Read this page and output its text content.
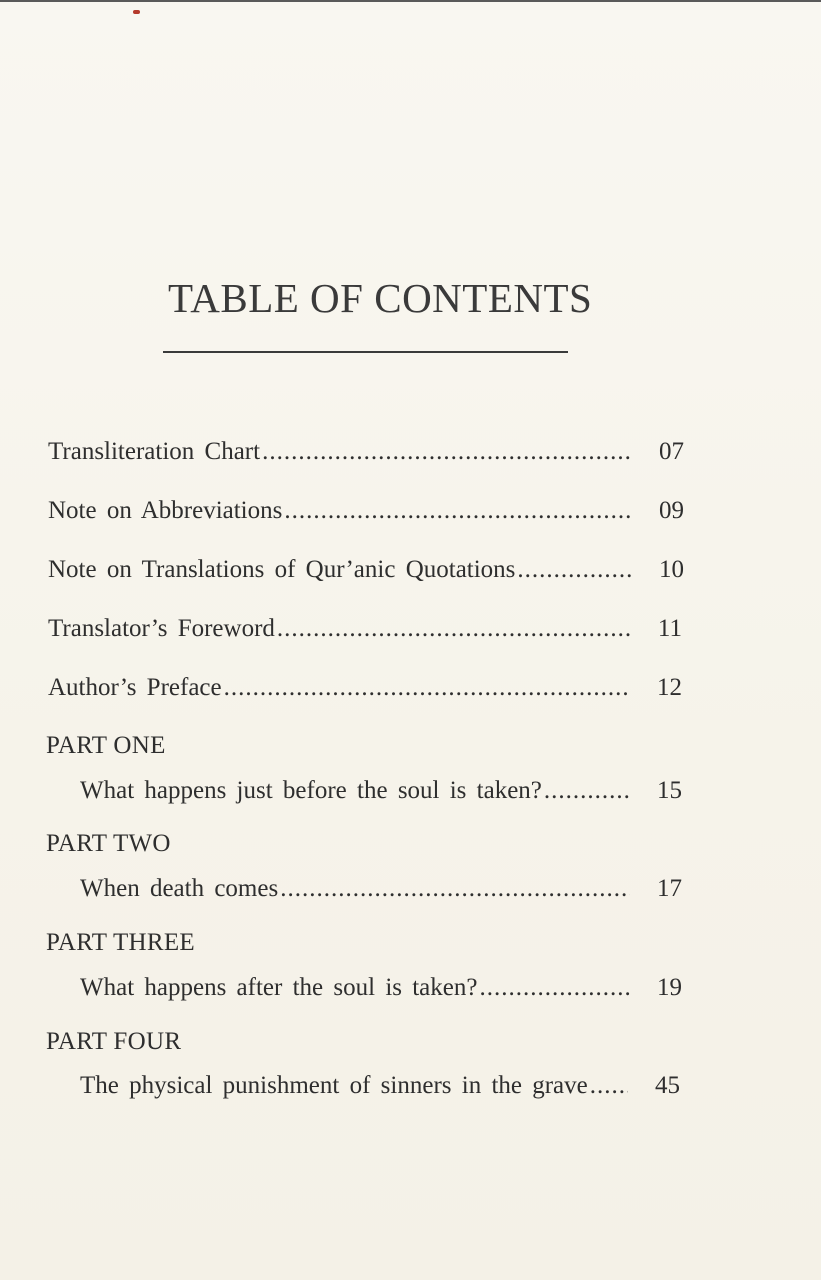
TABLE OF CONTENTS
Transliteration Chart .....	07
Note on Abbreviations .....	09
Note on Translations of Qur’anic Quotations .....	10
Translator’s Foreword .....	11
Author’s Preface .....	12
PART ONE
What happens just before the soul is taken? .....	15
PART TWO
When death comes .....	17
PART THREE
What happens after the soul is taken? .....	19
PART FOUR
The physical punishment of sinners in the grave .....	45
